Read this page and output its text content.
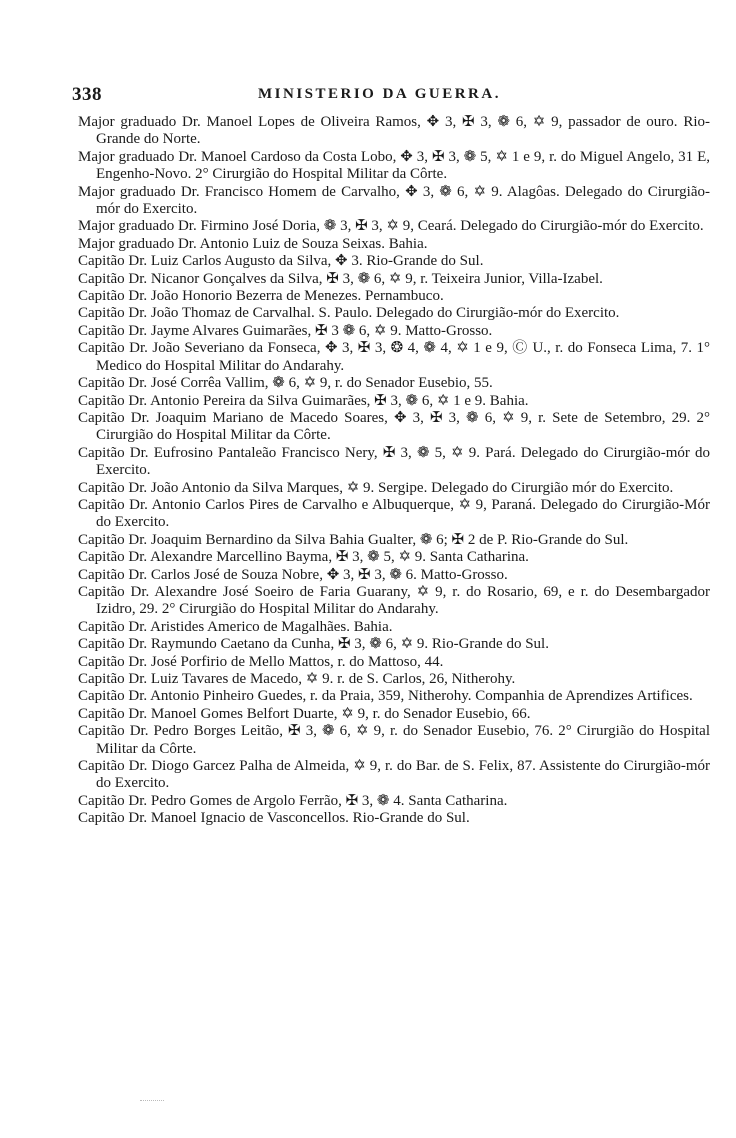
338	MINISTERIO DA GUERRA.

Major graduado Dr. Manoel Lopes de Oliveira Ramos, ✥ 3, ✠ 3, ❁ 6, ✡ 9, passador de ouro. Rio-Grande do Norte.

Major graduado Dr. Manoel Cardoso da Costa Lobo, ✥ 3, ✠ 3, ❁ 5, ✡ 1 e 9, r. do Miguel Angelo, 31 E, Engenho-Novo. 2° Cirurgião do Hospital Militar da Côrte.

Major graduado Dr. Francisco Homem de Carvalho, ✥ 3, ❁ 6, ✡ 9. Alagôas. Delegado do Cirurgião-mór do Exercito.

Major graduado Dr. Firmino José Doria, ❁ 3, ✠ 3, ✡ 9, Ceará. Delegado do Cirurgião-mór do Exercito.

Major graduado Dr. Antonio Luiz de Souza Seixas. Bahia.

Capitão Dr. Luiz Carlos Augusto da Silva, ✥ 3. Rio-Grande do Sul.

Capitão Dr. Nicanor Gonçalves da Silva, ✠ 3, ❁ 6, ✡ 9, r. Teixeira Junior, Villa-Izabel.

Capitão Dr. João Honorio Bezerra de Menezes. Pernambuco.

Capitão Dr. João Thomaz de Carvalhal. S. Paulo. Delegado do Cirurgião-mór do Exercito.

Capitão Dr. Jayme Alvares Guimarães, ✠ 3 ❁ 6, ✡ 9. Matto-Grosso.

Capitão Dr. João Severiano da Fonseca, ✥ 3, ✠ 3, ❂ 4, ❁ 4, ✡ 1 e 9, Ⓒ U., r. do Fonseca Lima, 7. 1° Medico do Hospital Militar do Andarahy.

Capitão Dr. José Corrêa Vallim, ❁ 6, ✡ 9, r. do Senador Eusebio, 55.

Capitão Dr. Antonio Pereira da Silva Guimarães, ✠ 3, ❁ 6, ✡ 1 e 9. Bahia.

Capitão Dr. Joaquim Mariano de Macedo Soares, ✥ 3, ✠ 3, ❁ 6, ✡ 9, r. Sete de Setembro, 29. 2° Cirurgião do Hospital Militar da Côrte.

Capitão Dr. Eufrosino Pantaleão Francisco Nery, ✠ 3, ❁ 5, ✡ 9. Pará. Delegado do Cirurgião-mór do Exercito.

Capitão Dr. João Antonio da Silva Marques, ✡ 9. Sergipe. Delegado do Cirurgião mór do Exercito.

Capitão Dr. Antonio Carlos Pires de Carvalho e Albuquerque, ✡ 9, Paraná. Delegado do Cirurgião-Mór do Exercito.

Capitão Dr. Joaquim Bernardino da Silva Bahia Gualter, ❁ 6; ✠ 2 de P. Rio-Grande do Sul.

Capitão Dr. Alexandre Marcellino Bayma, ✠ 3, ❁ 5, ✡ 9. Santa Catharina.

Capitão Dr. Carlos José de Souza Nobre, ✥ 3, ✠ 3, ❁ 6. Matto-Grosso.

Capitão Dr. Alexandre José Soeiro de Faria Guarany, ✡ 9, r. do Rosario, 69, e r. do Desembargador Izidro, 29. 2° Cirurgião do Hospital Militar do Andarahy.

Capitão Dr. Aristides Americo de Magalhães. Bahia.

Capitão Dr. Raymundo Caetano da Cunha, ✠ 3, ❁ 6, ✡ 9. Rio-Grande do Sul.

Capitão Dr. José Porfirio de Mello Mattos, r. do Mattoso, 44.

Capitão Dr. Luiz Tavares de Macedo, ✡ 9. r. de S. Carlos, 26, Nitherohy.

Capitão Dr. Antonio Pinheiro Guedes, r. da Praia, 359, Nitherohy. Companhia de Aprendizes Artifices.

Capitão Dr. Manoel Gomes Belfort Duarte, ✡ 9, r. do Senador Eusebio, 66.

Capitão Dr. Pedro Borges Leitão, ✠ 3, ❁ 6, ✡ 9, r. do Senador Eusebio, 76. 2° Cirurgião do Hospital Militar da Côrte.

Capitão Dr. Diogo Garcez Palha de Almeida, ✡ 9, r. do Bar. de S. Felix, 87. Assistente do Cirurgião-mór do Exercito.

Capitão Dr. Pedro Gomes de Argolo Ferrão, ✠ 3, ❁ 4. Santa Catharina.

Capitão Dr. Manoel Ignacio de Vasconcellos. Rio-Grande do Sul.
